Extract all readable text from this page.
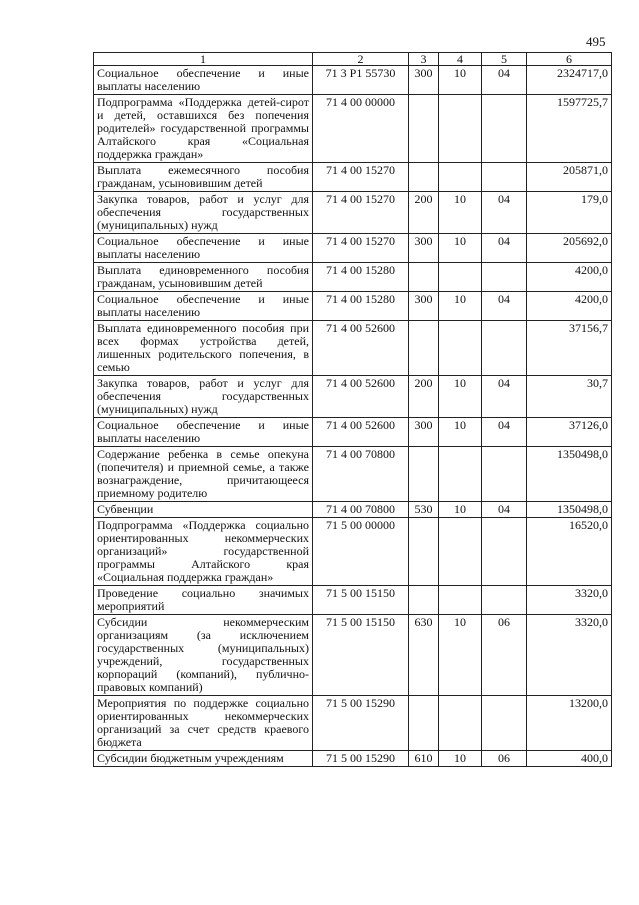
495
1	2	3	4	5	6
Социальное обеспечение и иные выплаты населению	71 3 P1 55730	300	10	04	2324717,0
Подпрограмма «Поддержка детей-сирот и детей, оставшихся без попечения родителей» государственной программы Алтайского края «Социальная поддержка граждан»	71 4 00 00000				1597725,7
Выплата ежемесячного пособия гражданам, усыновившим детей	71 4 00 15270				205871,0
Закупка товаров, работ и услуг для обеспечения государственных (муниципальных) нужд	71 4 00 15270	200	10	04	179,0
Социальное обеспечение и иные выплаты населению	71 4 00 15270	300	10	04	205692,0
Выплата единовременного пособия гражданам, усыновившим детей	71 4 00 15280				4200,0
Социальное обеспечение и иные выплаты населению	71 4 00 15280	300	10	04	4200,0
Выплата единовременного пособия при всех формах устройства детей, лишенных родительского попечения, в семью	71 4 00 52600				37156,7
Закупка товаров, работ и услуг для обеспечения государственных (муниципальных) нужд	71 4 00 52600	200	10	04	30,7
Социальное обеспечение и иные выплаты населению	71 4 00 52600	300	10	04	37126,0
Содержание ребенка в семье опекуна (попечителя) и приемной семье, а также вознаграждение, причитающееся приемному родителю	71 4 00 70800				1350498,0
Субвенции	71 4 00 70800	530	10	04	1350498,0
Подпрограмма «Поддержка социально ориентированных некоммерческих организаций» государственной программы Алтайского края «Социальная поддержка граждан»	71 5 00 00000				16520,0
Проведение социально значимых мероприятий	71 5 00 15150				3320,0
Субсидии некоммерческим организациям (за исключением государственных (муниципальных) учреждений, государственных корпораций (компаний), публично-правовых компаний)	71 5 00 15150	630	10	06	3320,0
Мероприятия по поддержке социально ориентированных некоммерческих организаций за счет средств краевого бюджета	71 5 00 15290				13200,0
Субсидии бюджетным учреждениям	71 5 00 15290	610	10	06	400,0
